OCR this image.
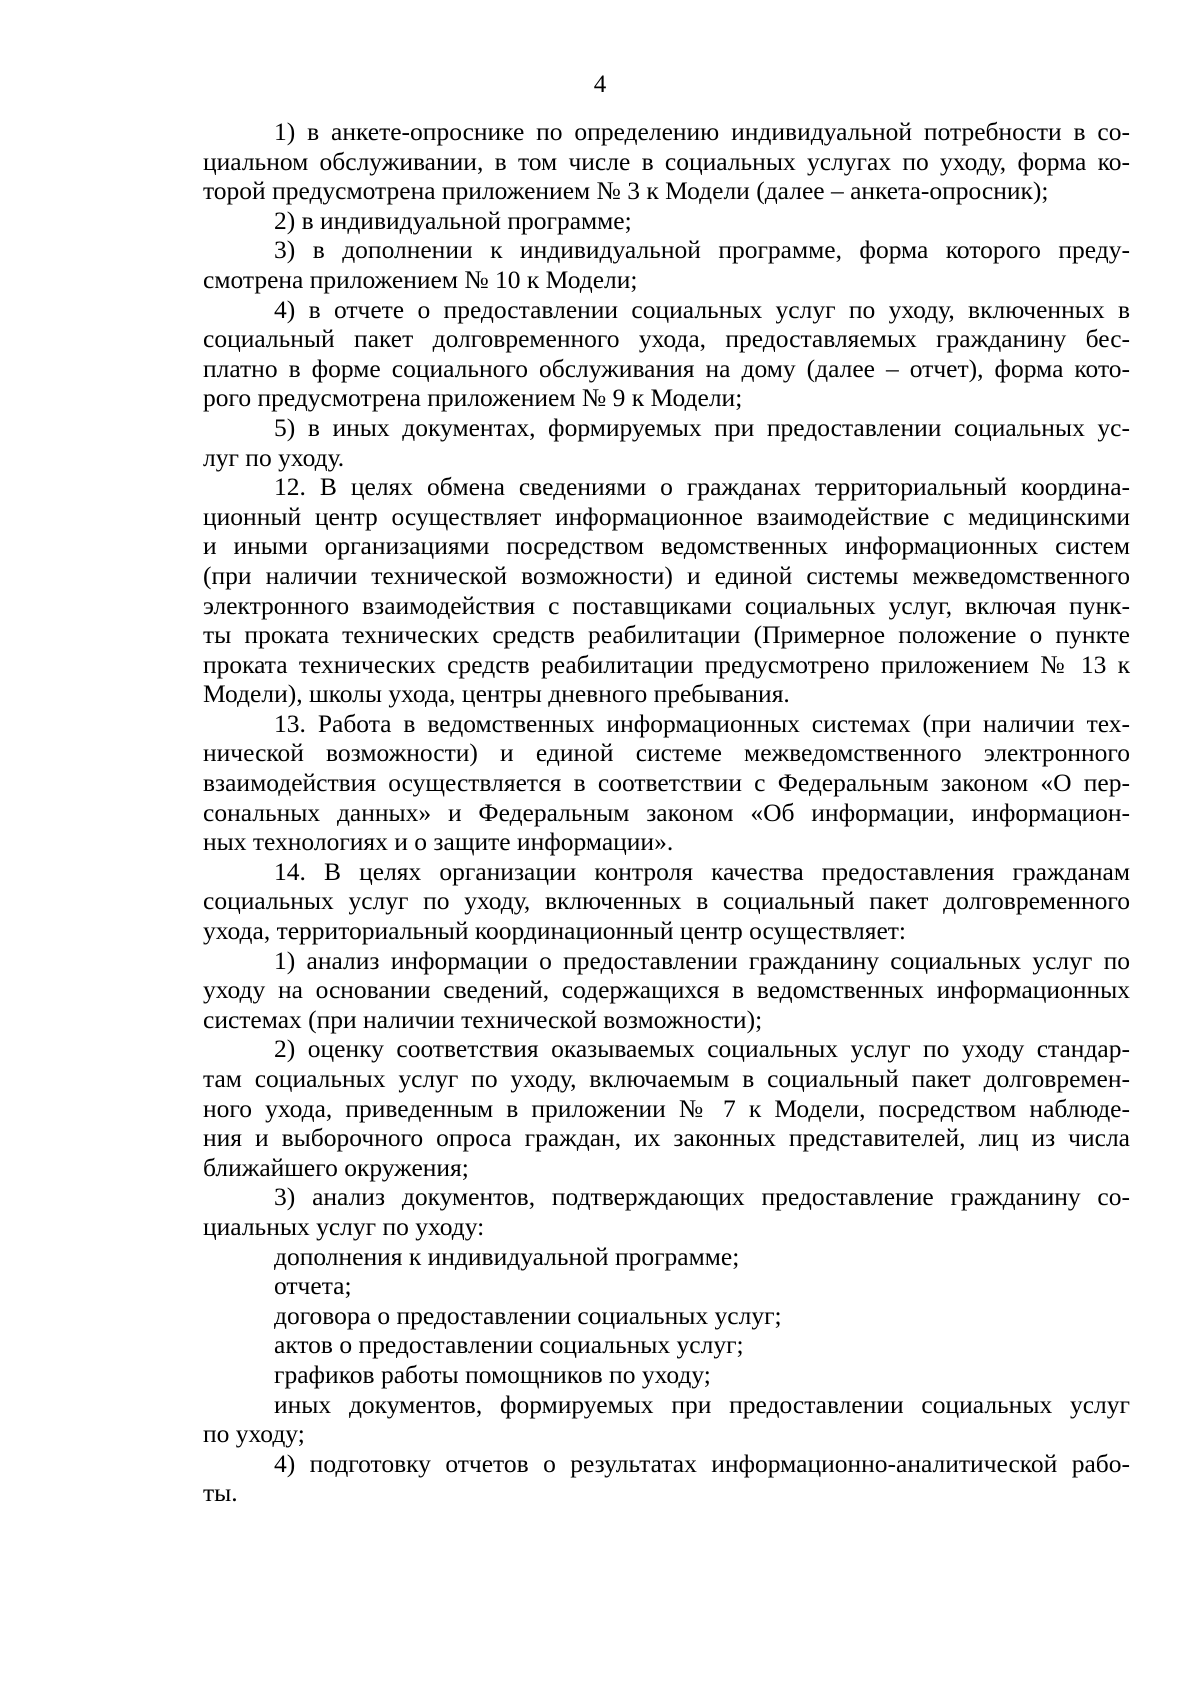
4
1) в анкете-опроснике по определению индивидуальной потребности в со-
циальном обслуживании, в том числе в социальных услугах по уходу, форма ко-
торой предусмотрена приложением № 3 к Модели (далее – анкета-опросник);
2) в индивидуальной программе;
3) в дополнении к индивидуальной программе, форма которого преду-
смотрена приложением № 10 к Модели;
4) в отчете о предоставлении социальных услуг по уходу, включенных в
социальный пакет долговременного ухода, предоставляемых гражданину бес-
платно в форме социального обслуживания на дому (далее – отчет), форма кото-
рого предусмотрена приложением № 9 к Модели;
5) в иных документах, формируемых при предоставлении социальных ус-
луг по уходу.
12. В целях обмена сведениями о гражданах территориальный координа-
ционный центр осуществляет информационное взаимодействие с медицинскими
и иными организациями посредством ведомственных информационных систем
(при наличии технической возможности) и единой системы межведомственного
электронного взаимодействия с поставщиками социальных услуг, включая пунк-
ты проката технических средств реабилитации (Примерное положение о пункте
проката технических средств реабилитации предусмотрено приложением № 13 к
Модели), школы ухода, центры дневного пребывания.
13. Работа в ведомственных информационных системах (при наличии тех-
нической возможности) и единой системе межведомственного электронного
взаимодействия осуществляется в соответствии с Федеральным законом «О пер-
сональных данных» и Федеральным законом «Об информации, информацион-
ных технологиях и о защите информации».
14. В целях организации контроля качества предоставления гражданам
социальных услуг по уходу, включенных в социальный пакет долговременного
ухода, территориальный координационный центр осуществляет:
1) анализ информации о предоставлении гражданину социальных услуг по
уходу на основании сведений, содержащихся в ведомственных информационных
системах (при наличии технической возможности);
2) оценку соответствия оказываемых социальных услуг по уходу стандар-
там социальных услуг по уходу, включаемым в социальный пакет долговремен-
ного ухода, приведенным в приложении № 7 к Модели, посредством наблюде-
ния и выборочного опроса граждан, их законных представителей, лиц из числа
ближайшего окружения;
3) анализ документов, подтверждающих предоставление гражданину со-
циальных услуг по уходу:
дополнения к индивидуальной программе;
отчета;
договора о предоставлении социальных услуг;
актов о предоставлении социальных услуг;
графиков работы помощников по уходу;
иных документов, формируемых при предоставлении социальных услуг
по уходу;
4) подготовку отчетов о результатах информационно-аналитической рабо-
ты.
